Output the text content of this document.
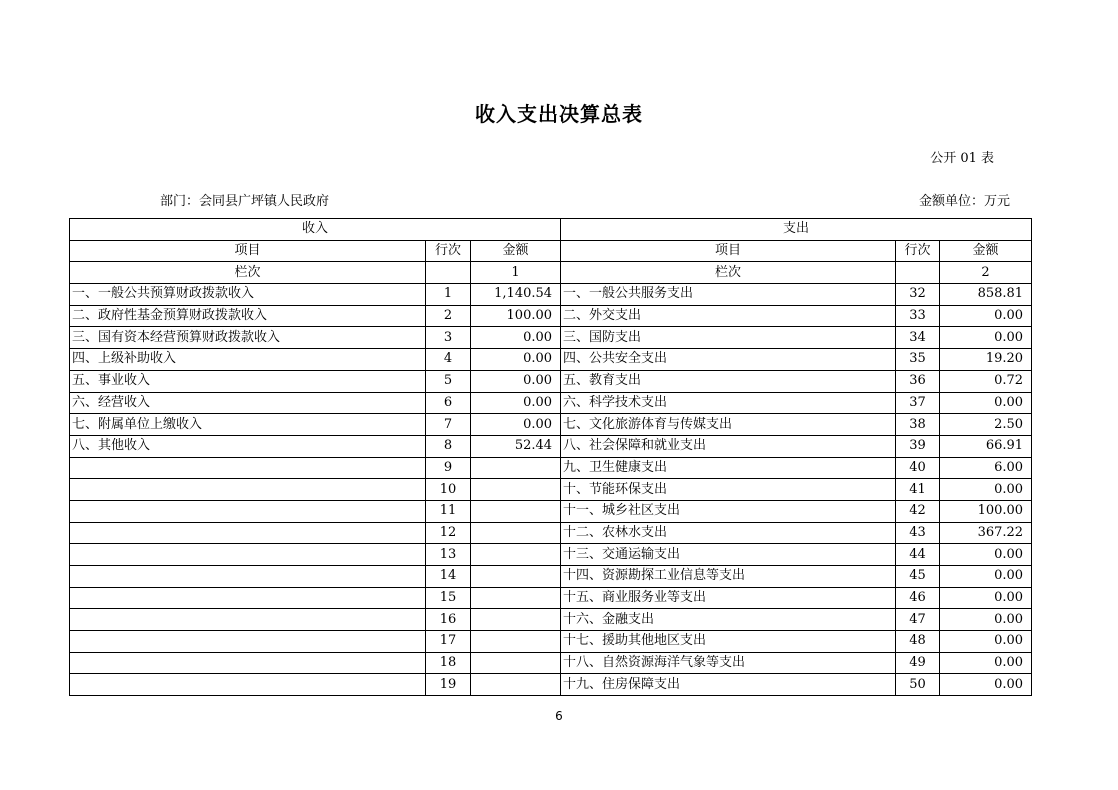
收入支出决算总表
公开 01 表
部门：会同县广坪镇人民政府	金额单位：万元
收入			支出		
项目	行次	金额	项目	行次	金额
栏次		1	栏次		2
一、一般公共预算财政拨款收入	1	1,140.54	一、一般公共服务支出	32	858.81
二、政府性基金预算财政拨款收入	2	100.00	二、外交支出	33	0.00
三、国有资本经营预算财政拨款收入	3	0.00	三、国防支出	34	0.00
四、上级补助收入	4	0.00	四、公共安全支出	35	19.20
五、事业收入	5	0.00	五、教育支出	36	0.72
六、经营收入	6	0.00	六、科学技术支出	37	0.00
七、附属单位上缴收入	7	0.00	七、文化旅游体育与传媒支出	38	2.50
八、其他收入	8	52.44	八、社会保障和就业支出	39	66.91
	9		九、卫生健康支出	40	6.00
	10		十、节能环保支出	41	0.00
	11		十一、城乡社区支出	42	100.00
	12		十二、农林水支出	43	367.22
	13		十三、交通运输支出	44	0.00
	14		十四、资源勘探工业信息等支出	45	0.00
	15		十五、商业服务业等支出	46	0.00
	16		十六、金融支出	47	0.00
	17		十七、援助其他地区支出	48	0.00
	18		十八、自然资源海洋气象等支出	49	0.00
	19		十九、住房保障支出	50	0.00
6
